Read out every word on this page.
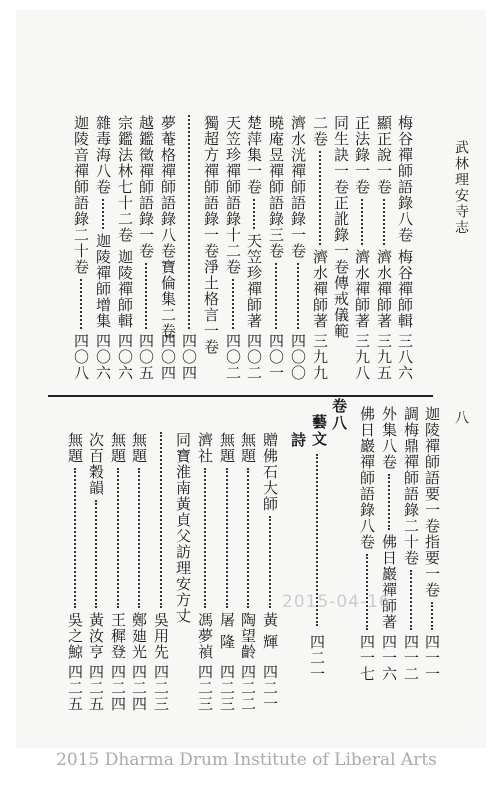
武林理安寺志
八
梅谷禪師語錄八卷
梅谷禪師輯
三八六
顯正說一卷
濟水禪師著
三九五
正法錄一卷
濟水禪師著
三九八
同生訣一卷正訛錄一卷傳戒儀範
二卷
濟水禪師著
三九九
濟水洸禪師語錄一卷
四〇〇
曉庵昱禪師語錄三卷
四〇一
楚萍集一卷
天笠珍禪師著
四〇二
天笠珍禪師語錄十二卷
四〇二
獨超方禪師語錄一卷淨土格言一卷
四〇四
夢菴格禪師語錄八卷寶倫集二卷
四〇四
越鑑徵禪師語錄一卷
四〇五
宗鑑法林七十二卷
迦陵禪師輯
四〇六
雜毒海八卷
迦陵禪師增集
四〇六
迦陵音禪師語錄二十卷
四〇八
迦陵禪師語要一卷指要一卷
四一一
調梅鼎禪師語錄二十卷
四一二
外集八卷
佛日巖禪師著
四一六
佛日巖禪師語錄八卷
四一七
卷八
藝文
四二一
詩
贈佛石大師
黃 輝
四二一
無題
陶望齡
四二二
無題
屠 隆
四二三
濟社
馮夢禎
四二三
同寶淮南黃貞父訪理安方丈
吳用先
四二三
無題
鄭廸光
四二四
無題
王穉登
四二四
次百穀韻
黃汝亨
四二五
無題
吳之鯨
四二五
2015-04-16
2015 Dharma Drum Institute of Liberal Arts
